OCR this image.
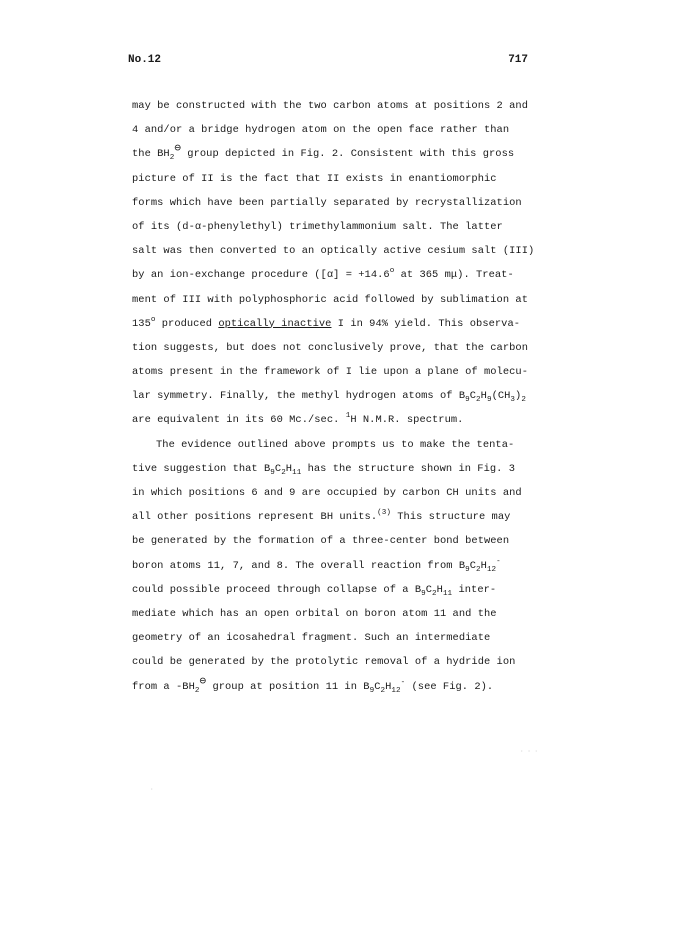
No.12	717
may be constructed with the two carbon atoms at positions 2 and
4 and/or a bridge hydrogen atom on the open face rather than
the $BH_2⊖$ group depicted in Fig. 2. Consistent with this gross
picture of II is the fact that II exists in enantiomorphic
forms which have been partially separated by recrystallization
of its (d-α-phenylethyl) trimethylammonium salt. The latter
salt was then converted to an optically active cesium salt (III)
by an ion-exchange procedure ($[\alpha] = +14.6^o$ at 365 mμ). Treat-
ment of III with polyphosphoric acid followed by sublimation at
135$^o$ produced optically inactive I in 94% yield. This observa-
tion suggests, but does not conclusively prove, that the carbon
atoms present in the framework of I lie upon a plane of molecu-
lar symmetry. Finally, the methyl hydrogen atoms of $B_9C_2H_9(CH_3)_2$
are equivalent in its 60 Mc./sec. $^1$H N.M.R. spectrum.
The evidence outlined above prompts us to make the tenta-
tive suggestion that $B_9C_2H_{11}$ has the structure shown in Fig. 3
in which positions 6 and 9 are occupied by carbon CH units and
all other positions represent BH units.$^{(3)}$ This structure may
be generated by the formation of a three-center bond between
boron atoms 11, 7, and 8. The overall reaction from $B_9C_2H_{12}^-$
could possible proceed through collapse of a $B_9C_2H_{11}$ inter-
mediate which has an open orbital on boron atom 11 and the
geometry of an icosahedral fragment. Such an intermediate
could be generated by the protolytic removal of a hydride ion
from a $-BH_2⊖$ group at position 11 in $B_9C_2H_{12}^-$ (see Fig. 2).
· · ·
·
